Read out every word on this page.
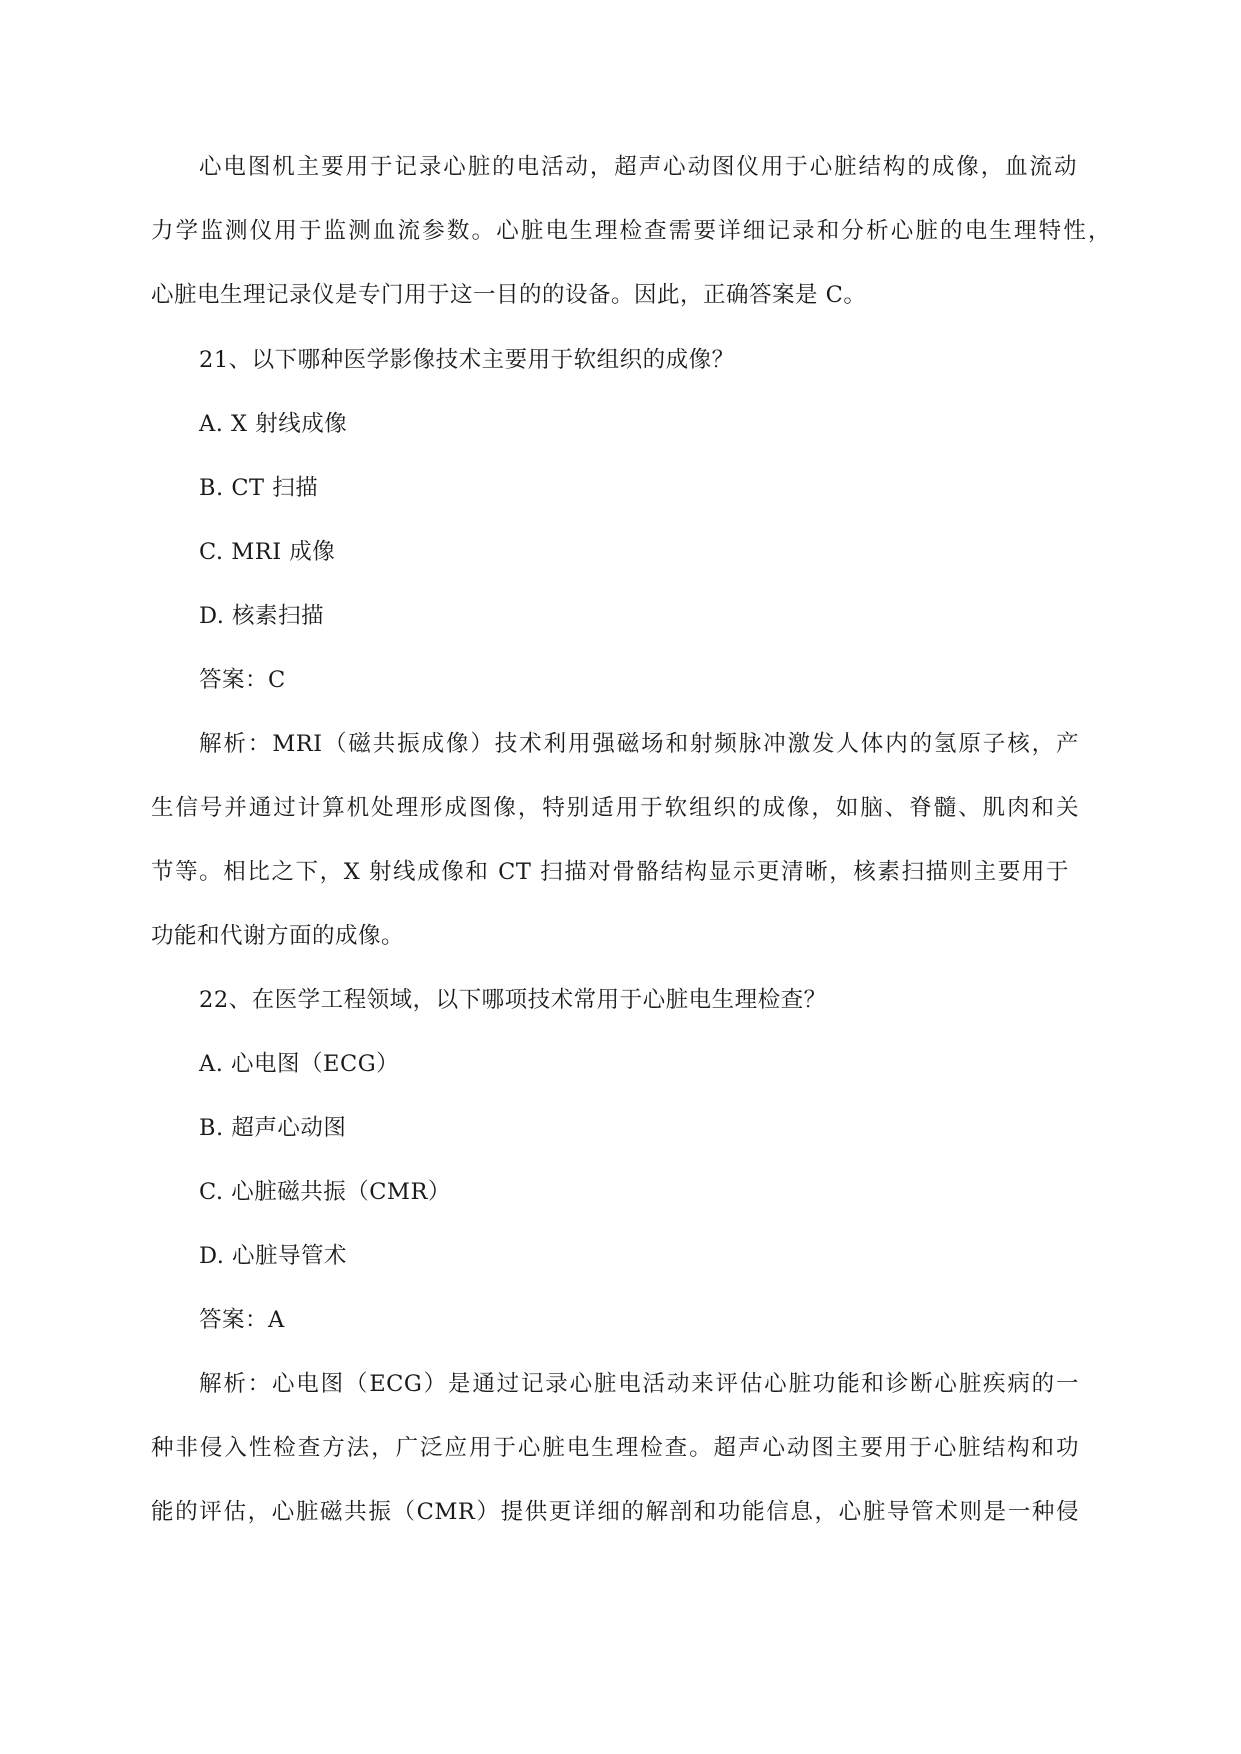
心电图机主要用于记录心脏的电活动，超声心动图仪用于心脏结构的成像，血流动
力学监测仪用于监测血流参数。心脏电生理检查需要详细记录和分析心脏的电生理特性，
心脏电生理记录仪是专门用于这一目的的设备。因此，正确答案是 C。
21、以下哪种医学影像技术主要用于软组织的成像？
A. X 射线成像
B. CT 扫描
C. MRI 成像
D. 核素扫描
答案：C
解析：MRI（磁共振成像）技术利用强磁场和射频脉冲激发人体内的氢原子核，产
生信号并通过计算机处理形成图像，特别适用于软组织的成像，如脑、脊髓、肌肉和关
节等。相比之下，X 射线成像和 CT 扫描对骨骼结构显示更清晰，核素扫描则主要用于
功能和代谢方面的成像。
22、在医学工程领域，以下哪项技术常用于心脏电生理检查？
A. 心电图（ECG）
B. 超声心动图
C. 心脏磁共振（CMR）
D. 心脏导管术
答案：A
解析：心电图（ECG）是通过记录心脏电活动来评估心脏功能和诊断心脏疾病的一
种非侵入性检查方法，广泛应用于心脏电生理检查。超声心动图主要用于心脏结构和功
能的评估，心脏磁共振（CMR）提供更详细的解剖和功能信息，心脏导管术则是一种侵
